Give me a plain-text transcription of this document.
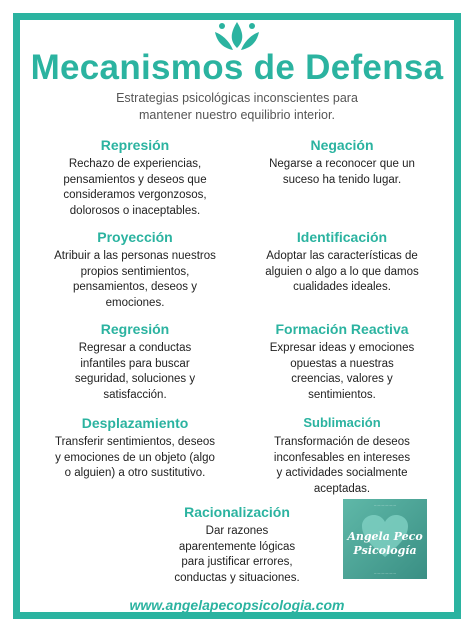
Mecanismos de Defensa
Estrategias psicológicas inconscientes para
mantener nuestro equilibrio interior.
Represión
Rechazo de experiencias,
pensamientos y deseos que
consideramos vergonzosos,
dolorosos o inaceptables.
Negación
Negarse a reconocer que un
suceso ha tenido lugar.
Proyección
Atribuir a las personas nuestros
propios sentimientos,
pensamientos, deseos y
emociones.
Identificación
Adoptar las características de
alguien o algo a lo que damos
cualidades ideales.
Regresión
Regresar a conductas
infantiles para buscar
seguridad, soluciones y
satisfacción.
Formación Reactiva
Expresar ideas y emociones
opuestas a nuestras
creencias, valores y
sentimientos.
Desplazamiento
Transferir sentimientos, deseos
y emociones de un objeto (algo
o alguien) a otro sustitutivo.
Sublimación
Transformación de deseos
inconfesables en intereses
y actividades socialmente
aceptadas.
Racionalización
Dar razones
aparentemente lógicas
para justificar errores,
conductas y situaciones.
·················
Angela Peco
Psicología
·················
www.angelapecopsicologia.com
